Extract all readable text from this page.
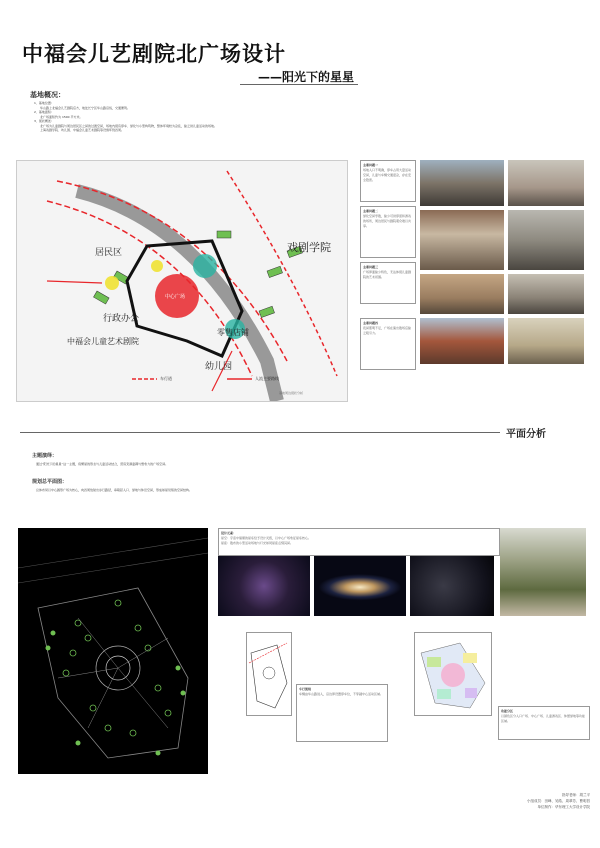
中福会儿艺剧院北广场设计
——阳光下的星星
基地概况：
1、基地位置：
华山路上北福会儿艺剧院后方，地处长宁区华山路沿线，交通便利。
2、基地面积：
北广场面积约为 1500 平方米。
3、现状概述：
北广场为儿童剧院与周边居民区之间的过渡空间，场地内现有停车、绿化与小型构筑物，整体环境较为杂乱，缺乏供儿童活动的场地。
上海戏剧学院、幼儿园、中福会儿童艺术剧院等设施环绕四周。
居民区	戏剧学院
行政办公
中福会儿童艺术剧院
幼儿园
零售店铺
中心广场
车行道	人流主要路线
基地周边现状分析
主要问题一
场地入口不明确，停车占用大量活动空间，儿童与车辆交通混杂，存在安全隐患。
主要问题二
绿化空间零散，缺少可供停留和游戏的场所，周边居民与剧院观众难以共享。
主要问题三
广场界面缺少特色，无法体现儿童剧院的艺术氛围。
主要问题四
夜间照明不足，广场在演出散场后缺乏吸引力。
平面分析
主题演绎：
通过“阳光下的星星”这一主题，将繁星的形态与儿童活动结合，营造充满童趣与想象力的广场空间。
规划总平面图：
总体布局以中心圆形广场为核心，向四周放射出步行路径，串联起入口、绿地与休息空间，形成如星辰般的空间结构。
设计元素：
星空：宇宙中璀璨的星系给予设计灵感，以中心广场象征星系核心。
星座：散布的小型活动场地与灯光如同星座点缀其间。
车行流线
车辆由华山路进入，沿边界设置停车位，不穿越中心活动区域。
功能分区
以颜色区分入口广场、中心广场、儿童游戏区、休憩绿地等功能区域。
指导老师：胡兰平
小组成员：田峰、吴皓、周翠芳、曹明昌
单位制作：华东理工大学设计学院
